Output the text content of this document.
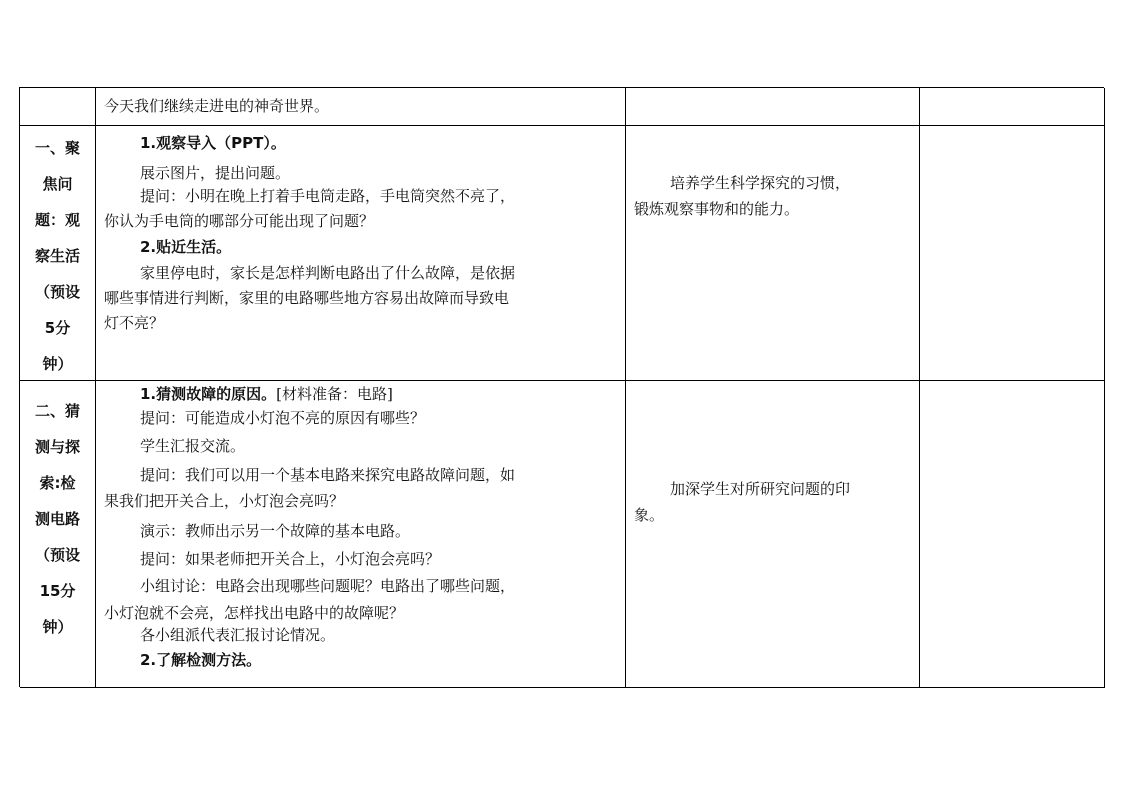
今天我们继续走进电的神奇世界。
一、聚
焦问
题：观
察生活
（预设
5分
钟）
1.观察导入（PPT）。
展示图片，提出问题。
提问：小明在晚上打着手电筒走路，手电筒突然不亮了，
你认为手电筒的哪部分可能出现了问题？
2.贴近生活。
家里停电时，家长是怎样判断电路出了什么故障，是依据
哪些事情进行判断，家里的电路哪些地方容易出故障而导致电
灯不亮？
培养学生科学探究的习惯，
锻炼观察事物和的能力。
二、猜
测与探
索:检
测电路
（预设
15分
钟）
1.猜测故障的原因。[材料准备：电路]
提问：可能造成小灯泡不亮的原因有哪些？
学生汇报交流。
提问：我们可以用一个基本电路来探究电路故障问题，如
果我们把开关合上，小灯泡会亮吗？
演示：教师出示另一个故障的基本电路。
提问：如果老师把开关合上，小灯泡会亮吗？
小组讨论：电路会出现哪些问题呢？电路出了哪些问题，
小灯泡就不会亮，怎样找出电路中的故障呢？
各小组派代表汇报讨论情况。
2.了解检测方法。
加深学生对所研究问题的印
象。
